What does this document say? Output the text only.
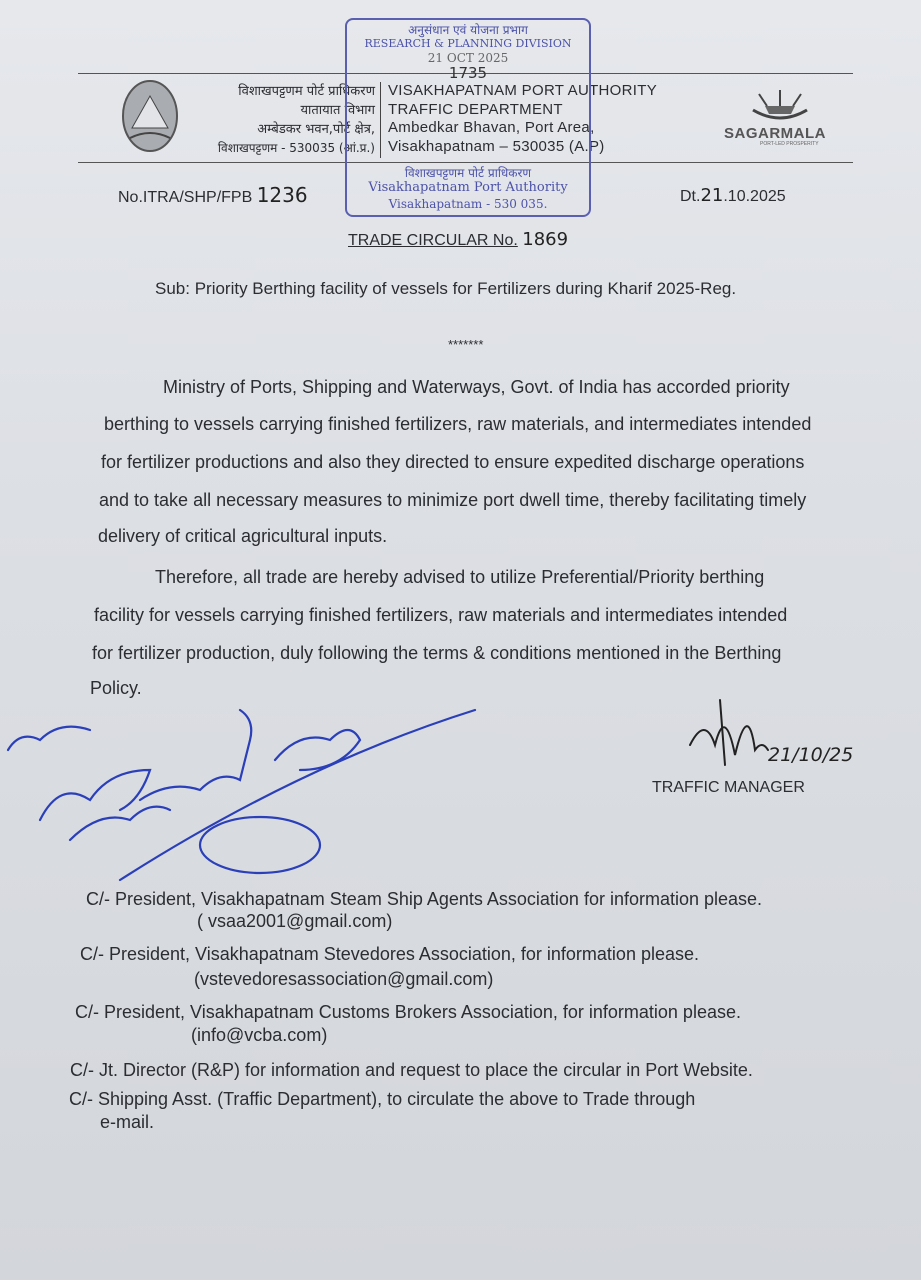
विशाखपट्टणम पोर्ट प्राधिकरण
यातायात विभाग
अम्बेडकर भवन,पोर्ट क्षेत्र,
विशाखपट्टणम - 530035 (आं.प्र.)
VISAKHAPATNAM PORT AUTHORITY
TRAFFIC DEPARTMENT
Ambedkar Bhavan, Port Area,
Visakhapatnam – 530035 (A.P)
SAGARMALA
PORT-LED PROSPERITY
अनुसंधान एवं योजना प्रभाग
RESEARCH & PLANNING DIVISION
21 OCT 2025
1735
विशाखपट्टणम पोर्ट प्राधिकरण
Visakhapatnam Port Authority
Visakhapatnam - 530 035.
No.ITRA/SHP/FPB 1236	Dt.21.10.2025
TRADE CIRCULAR No. 1869
Sub: Priority Berthing facility of vessels for Fertilizers during Kharif 2025-Reg.
*******
Ministry of Ports, Shipping and Waterways, Govt. of India has accorded priority
berthing to vessels carrying finished fertilizers, raw materials, and intermediates intended
for fertilizer productions and also they directed to ensure expedited discharge operations
and to take all necessary measures to minimize port dwell time, thereby facilitating timely
delivery of critical agricultural inputs.
Therefore, all trade are hereby advised to utilize Preferential/Priority berthing
facility for vessels carrying finished fertilizers, raw materials and intermediates intended
for fertilizer production, duly following the terms & conditions mentioned in the Berthing
Policy.
21/10/25
TRAFFIC MANAGER
C/- President, Visakhapatnam Steam Ship Agents Association for information please.
( vsaa2001@gmail.com)
C/- President, Visakhapatnam Stevedores Association, for information please.
(vstevedoresassociation@gmail.com)
C/- President, Visakhapatnam Customs Brokers Association, for information please.
(info@vcba.com)
C/- Jt. Director (R&P) for information and request to place the circular in Port Website.
C/- Shipping Asst. (Traffic Department), to circulate the above to Trade through
e-mail.
